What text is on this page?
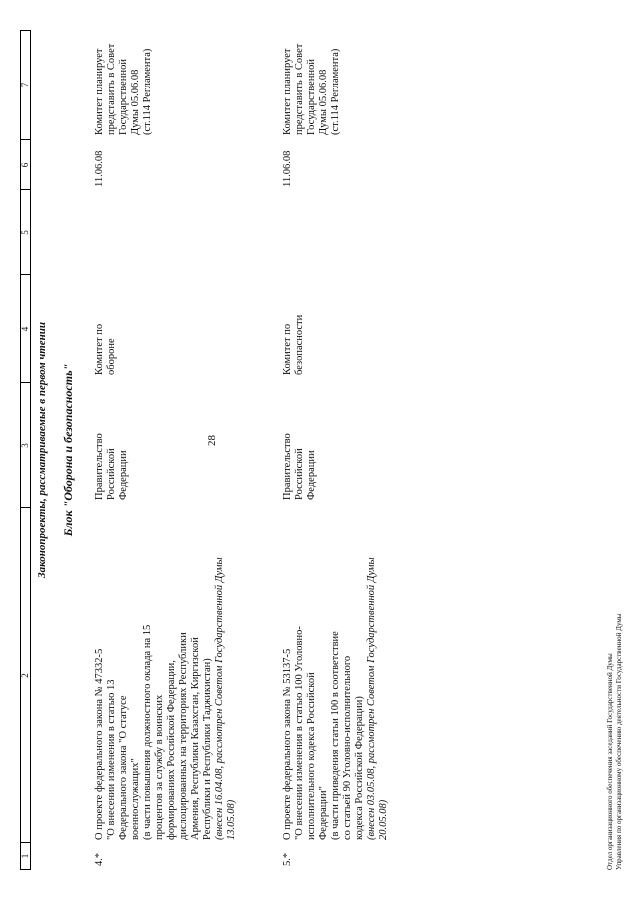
28
1
2
3
4
5
6
7
Законопроекты, рассматриваемые в первом чтении Блок "Оборона и безопасность"
4.*
О проекте федерального закона № 47332-5 "О внесении изменения в статью 13 Федерального закона "О статусе военнослужащих" (в части повышения должностного оклада на 15 процентов за службу в воинских формированиях Российской Федерации, дислоцированных на территориях Республики Армения, Республики Казахстан, Киргизской Республики и Республики Таджикистан) (внесен 16.04.08, рассмотрен Советом Государственной Думы 13.05.08)
Правительство Российской Федерации
Комитет по обороне
11.06.08
Комитет планирует представить в Совет Государственной Думы 05.06.08 (ст.114 Регламента)
5.*
О проекте федерального закона № 53137-5 "О внесении изменения в статью 100 Уголовно- исполнительного кодекса Российской Федерации" (в части приведения статьи 100 в соответствие со статьей 90 Уголовно-исполнительного кодекса Российской Федерации) (внесен 03.05.08, рассмотрен Советом Государственной Думы 20.05.08)
Правительство Российской Федерации
Комитет по безопасности
11.06.08
Комитет планирует представить в Совет Государственной Думы 05.06.08 (ст.114 Регламента)
Отдел организационного обеспечения заседаний Государственной Думы Управления по организационному обеспечению деятельности Государственной Думы
